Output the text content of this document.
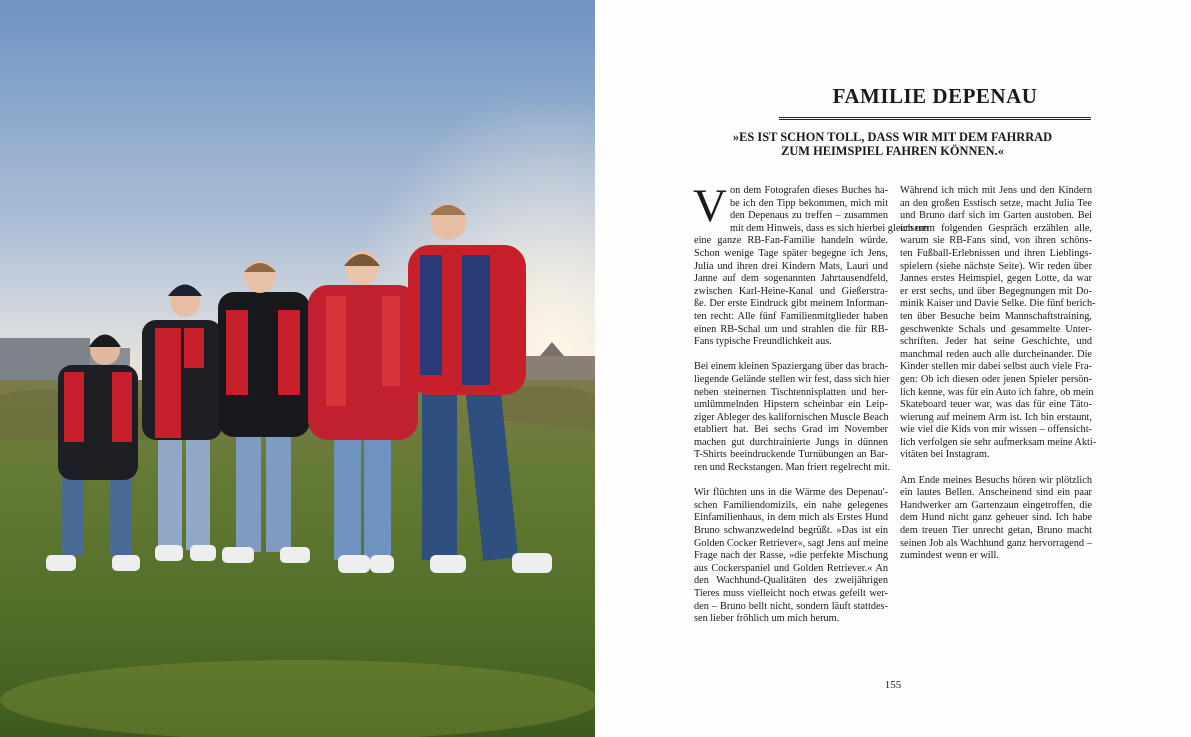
FAMILIE DEPENAU

»ES IST SCHON TOLL, DASS WIR MIT DEM FAHRRAD
ZUM HEIMSPIEL FAHREN KÖNNEN.«

V on dem Fotografen dieses Buches ha-
be ich den Tipp bekommen, mich mit
den Depenaus zu treffen – zusammen
mit dem Hinweis, dass es sich hierbei gleich um
eine ganze RB-Fan-Familie handeln würde.
Schon wenige Tage später begegne ich Jens,
Julia und ihren drei Kindern Mats, Lauri und
Janne auf dem sogenannten Jahrtausendfeld,
zwischen Karl-Heine-Kanal und Gießerstra-
ße. Der erste Eindruck gibt meinem Informan-
ten recht: Alle fünf Familienmitglieder haben
einen RB-Schal um und strahlen die für RB-
Fans typische Freundlichkeit aus.

Bei einem kleinen Spaziergang über das brach-
liegende Gelände stellen wir fest, dass sich hier
neben steinernen Tischtennisplatten und her-
umlümmelnden Hipstern scheinbar ein Leip-
ziger Ableger des kalifornischen Muscle Beach
etabliert hat. Bei sechs Grad im November
machen gut durchtrainierte Jungs in dünnen
T-Shirts beeindruckende Turnübungen an Bar-
ren und Reckstangen. Man friert regelrecht mit.

Wir flüchten uns in die Wärme des Depenau'-
schen Familiendomizils, ein nahe gelegenes
Einfamilienhaus, in dem mich als Erstes Hund
Bruno schwanzwedelnd begrüßt. »Das ist ein
Golden Cocker Retriever«, sagt Jens auf meine
Frage nach der Rasse, »die perfekte Mischung
aus Cockerspaniel und Golden Retriever.« An
den Wachhund-Qualitäten des zweijährigen
Tieres muss vielleicht noch etwas gefeilt wer-
den – Bruno bellt nicht, sondern läuft stattdes-
sen lieber fröhlich um mich herum.

Während ich mich mit Jens und den Kindern
an den großen Esstisch setze, macht Julia Tee
und Bruno darf sich im Garten austoben. Bei
unserem folgenden Gespräch erzählen alle,
warum sie RB-Fans sind, von ihren schöns-
ten Fußball-Erlebnissen und ihren Lieblings-
spielern (siehe nächste Seite). Wir reden über
Jannes erstes Heimspiel, gegen Lotte, da war
er erst sechs, und über Begegnungen mit Do-
minik Kaiser und Davie Selke. Die fünf berich-
ten über Besuche beim Mannschaftstraining,
geschwenkte Schals und gesammelte Unter-
schriften. Jeder hat seine Geschichte, und
manchmal reden auch alle durcheinander. Die
Kinder stellen mir dabei selbst auch viele Fra-
gen: Ob ich diesen oder jenen Spieler persön-
lich kenne, was für ein Auto ich fahre, ob mein
Skateboard teuer war, was das für eine Täto-
wierung auf meinem Arm ist. Ich bin erstaunt,
wie viel die Kids von mir wissen – offensicht-
lich verfolgen sie sehr aufmerksam meine Akti-
vitäten bei Instagram.

Am Ende meines Besuchs hören wir plötzlich
ein lautes Bellen. Anscheinend sind ein paar
Handwerker am Gartenzaun eingetroffen, die
dem Hund nicht ganz geheuer sind. Ich habe
dem treuen Tier unrecht getan, Bruno macht
seinen Job als Wachhund ganz hervorragend –
zumindest wenn er will.

155
